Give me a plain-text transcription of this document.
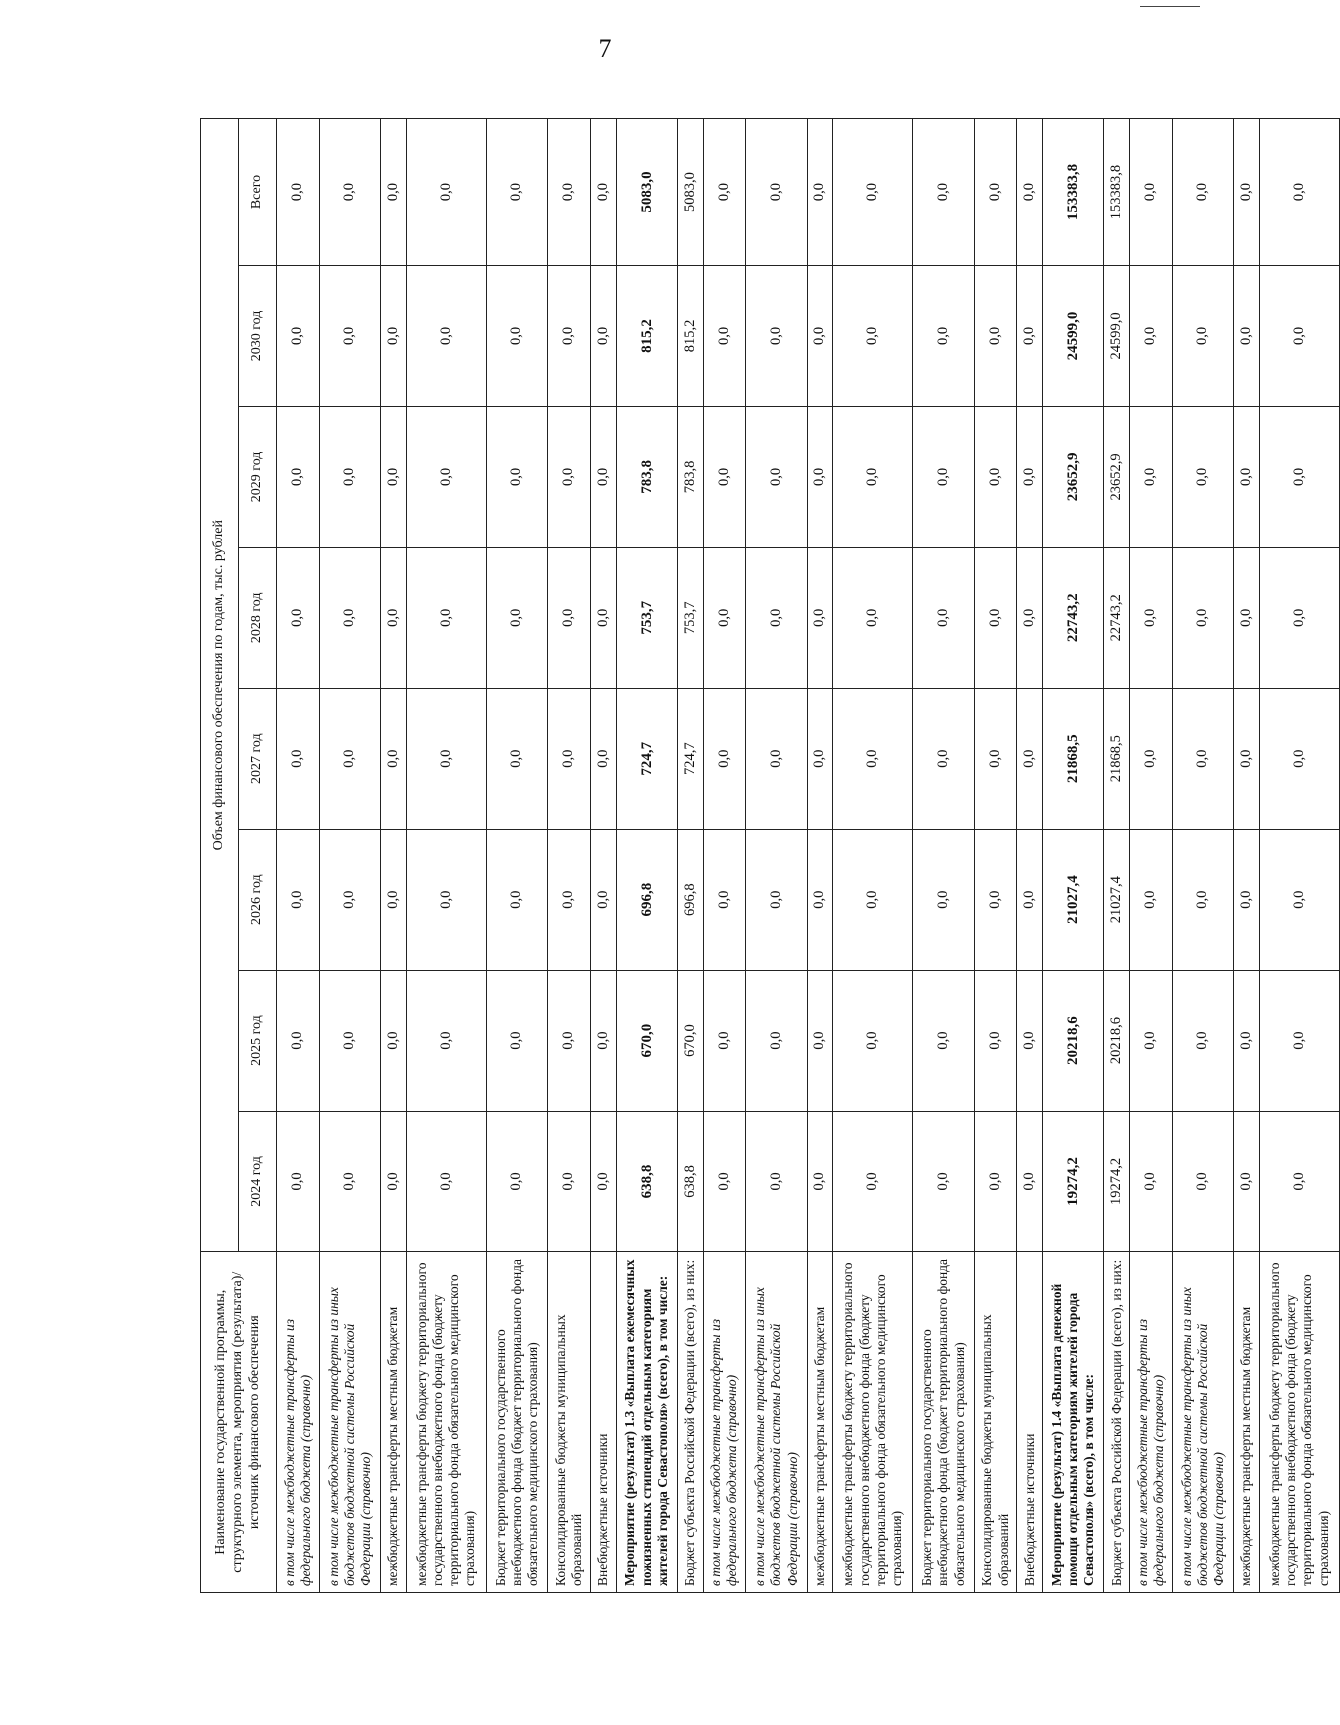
7
Наименование государственной программы, структурного элемента, мероприятия (результата)/источник финансового обеспечения	Объем финансового обеспечения по годам, тыс. рублей							
	2024 год	2025 год	2026 год	2027 год	2028 год	2029 год	2030 год	Всего
в том числе межбюджетные трансферты из федерального бюджета (справочно)	0,0	0,0	0,0	0,0	0,0	0,0	0,0	0,0
в том числе межбюджетные трансферты из иных бюджетов бюджетной системы Российской Федерации (справочно)	0,0	0,0	0,0	0,0	0,0	0,0	0,0	0,0
межбюджетные трансферты местным бюджетам	0,0	0,0	0,0	0,0	0,0	0,0	0,0	0,0
межбюджетные трансферты бюджету территориального государственного внебюджетного фонда (бюджету территориального фонда обязательного медицинского страхования)	0,0	0,0	0,0	0,0	0,0	0,0	0,0	0,0
Бюджет территориального государственного внебюджетного фонда (бюджет территориального фонда обязательного медицинского страхования)	0,0	0,0	0,0	0,0	0,0	0,0	0,0	0,0
Консолидированные бюджеты муниципальных образований	0,0	0,0	0,0	0,0	0,0	0,0	0,0	0,0
Внебюджетные источники	0,0	0,0	0,0	0,0	0,0	0,0	0,0	0,0
Мероприятие (результат) 1.3 «Выплата ежемесячных пожизненных стипендий отдельным категориям жителей города Севастополя» (всего), в том числе:	638,8	670,0	696,8	724,7	753,7	783,8	815,2	5083,0
Бюджет субъекта Российской Федерации (всего), из них:	638,8	670,0	696,8	724,7	753,7	783,8	815,2	5083,0
в том числе межбюджетные трансферты из федерального бюджета (справочно)	0,0	0,0	0,0	0,0	0,0	0,0	0,0	0,0
в том числе межбюджетные трансферты из иных бюджетов бюджетной системы Российской Федерации (справочно)	0,0	0,0	0,0	0,0	0,0	0,0	0,0	0,0
межбюджетные трансферты местным бюджетам	0,0	0,0	0,0	0,0	0,0	0,0	0,0	0,0
межбюджетные трансферты бюджету территориального государственного внебюджетного фонда (бюджету территориального фонда обязательного медицинского страхования)	0,0	0,0	0,0	0,0	0,0	0,0	0,0	0,0
Бюджет территориального государственного внебюджетного фонда (бюджет территориального фонда обязательного медицинского страхования)	0,0	0,0	0,0	0,0	0,0	0,0	0,0	0,0
Консолидированные бюджеты муниципальных образований	0,0	0,0	0,0	0,0	0,0	0,0	0,0	0,0
Внебюджетные источники	0,0	0,0	0,0	0,0	0,0	0,0	0,0	0,0
Мероприятие (результат) 1.4 «Выплата денежной помощи отдельным категориям жителей города Севастополя» (всего), в том числе:	19274,2	20218,6	21027,4	21868,5	22743,2	23652,9	24599,0	153383,8
Бюджет субъекта Российской Федерации (всего), из них:	19274,2	20218,6	21027,4	21868,5	22743,2	23652,9	24599,0	153383,8
в том числе межбюджетные трансферты из федерального бюджета (справочно)	0,0	0,0	0,0	0,0	0,0	0,0	0,0	0,0
в том числе межбюджетные трансферты из иных бюджетов бюджетной системы Российской Федерации (справочно)	0,0	0,0	0,0	0,0	0,0	0,0	0,0	0,0
межбюджетные трансферты местным бюджетам	0,0	0,0	0,0	0,0	0,0	0,0	0,0	0,0
межбюджетные трансферты бюджету территориального государственного внебюджетного фонда (бюджету территориального фонда обязательного медицинского страхования)	0,0	0,0	0,0	0,0	0,0	0,0	0,0	0,0
